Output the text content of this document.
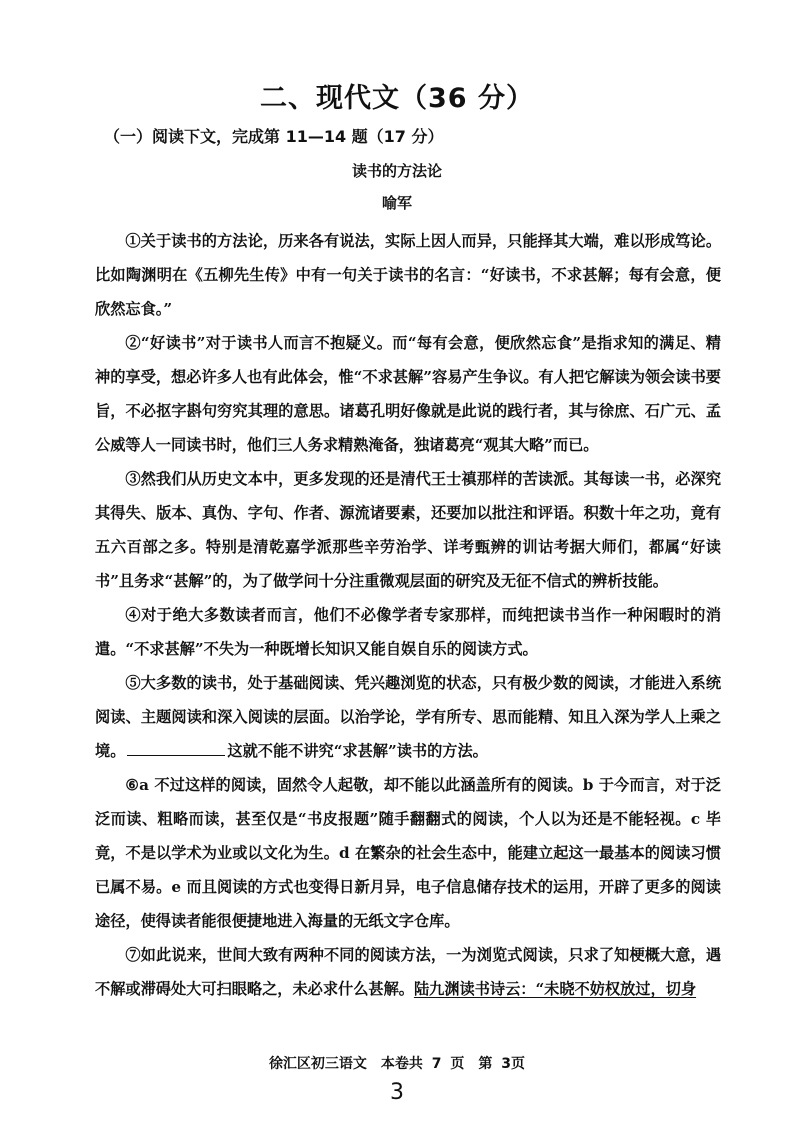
二、现代文（36 分）
（一）阅读下文，完成第 11—14 题（17 分）
读书的方法论
喻军

①关于读书的方法论，历来各有说法，实际上因人而异，只能择其大端，难以形成笃论。比如陶渊明在《五柳先生传》中有一句关于读书的名言：“好读书，不求甚解；每有会意，便欣然忘食。”

②“好读书”对于读书人而言不抱疑义。而“每有会意，便欣然忘食”是指求知的满足、精神的享受，想必许多人也有此体会，惟“不求甚解”容易产生争议。有人把它解读为领会读书要旨，不必抠字斟句穷究其理的意思。诸葛孔明好像就是此说的践行者，其与徐庶、石广元、孟公威等人一同读书时，他们三人务求精熟淹备，独诸葛亮“观其大略”而已。

③然我们从历史文本中，更多发现的还是清代王士禛那样的苦读派。其每读一书，必深究其得失、版本、真伪、字句、作者、源流诸要素，还要加以批注和评语。积数十年之功，竟有五六百部之多。特别是清乾嘉学派那些辛劳治学、详考甄辨的训诂考据大师们，都属“好读书”且务求“甚解”的，为了做学问十分注重微观层面的研究及无征不信式的辨析技能。

④对于绝大多数读者而言，他们不必像学者专家那样，而纯把读书当作一种闲暇时的消遣。“不求甚解”不失为一种既增长知识又能自娱自乐的阅读方式。

⑤大多数的读书，处于基础阅读、凭兴趣浏览的状态，只有极少数的阅读，才能进入系统阅读、主题阅读和深入阅读的层面。以治学论，学有所专、思而能精、知且入深为学人上乘之境。	这就不能不讲究“求甚解”读书的方法。

⑥a 不过这样的阅读，固然令人起敬，却不能以此涵盖所有的阅读。b 于今而言，对于泛泛而读、粗略而读，甚至仅是“书皮报题”随手翻翻式的阅读，个人以为还是不能轻视。c 毕竟，不是以学术为业或以文化为生。d 在繁杂的社会生态中，能建立起这一最基本的阅读习惯已属不易。e 而且阅读的方式也变得日新月异，电子信息储存技术的运用，开辟了更多的阅读途径，使得读者能很便捷地进入海量的无纸文字仓库。

⑦如此说来，世间大致有两种不同的阅读方法，一为浏览式阅读，只求了知梗概大意，遇不解或滞碍处大可扫眼略之，未必求什么甚解。陆九渊读书诗云：“未晓不妨权放过，切身

徐汇区初三语文　本卷共 7 页　第 3页
3
